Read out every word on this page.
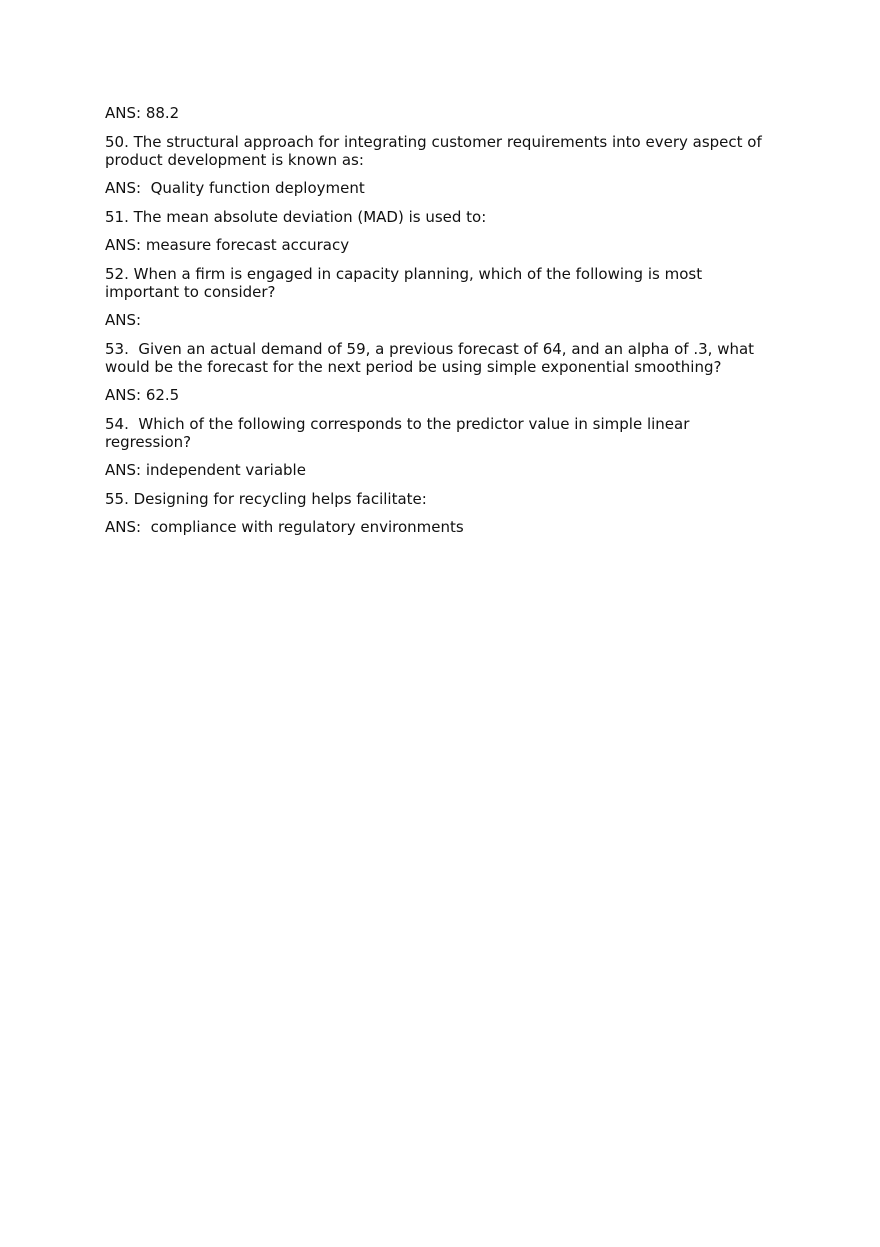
ANS: 88.2

50. The structural approach for integrating customer requirements into every aspect of product development is known as:

ANS:  Quality function deployment

51. The mean absolute deviation (MAD) is used to:

ANS: measure forecast accuracy

52. When a firm is engaged in capacity planning, which of the following is most important to consider?

ANS:

53.  Given an actual demand of 59, a previous forecast of 64, and an alpha of .3, what would be the forecast for the next period be using simple exponential smoothing?

ANS: 62.5

54.  Which of the following corresponds to the predictor value in simple linear regression?

ANS: independent variable

55. Designing for recycling helps facilitate:

ANS:  compliance with regulatory environments
